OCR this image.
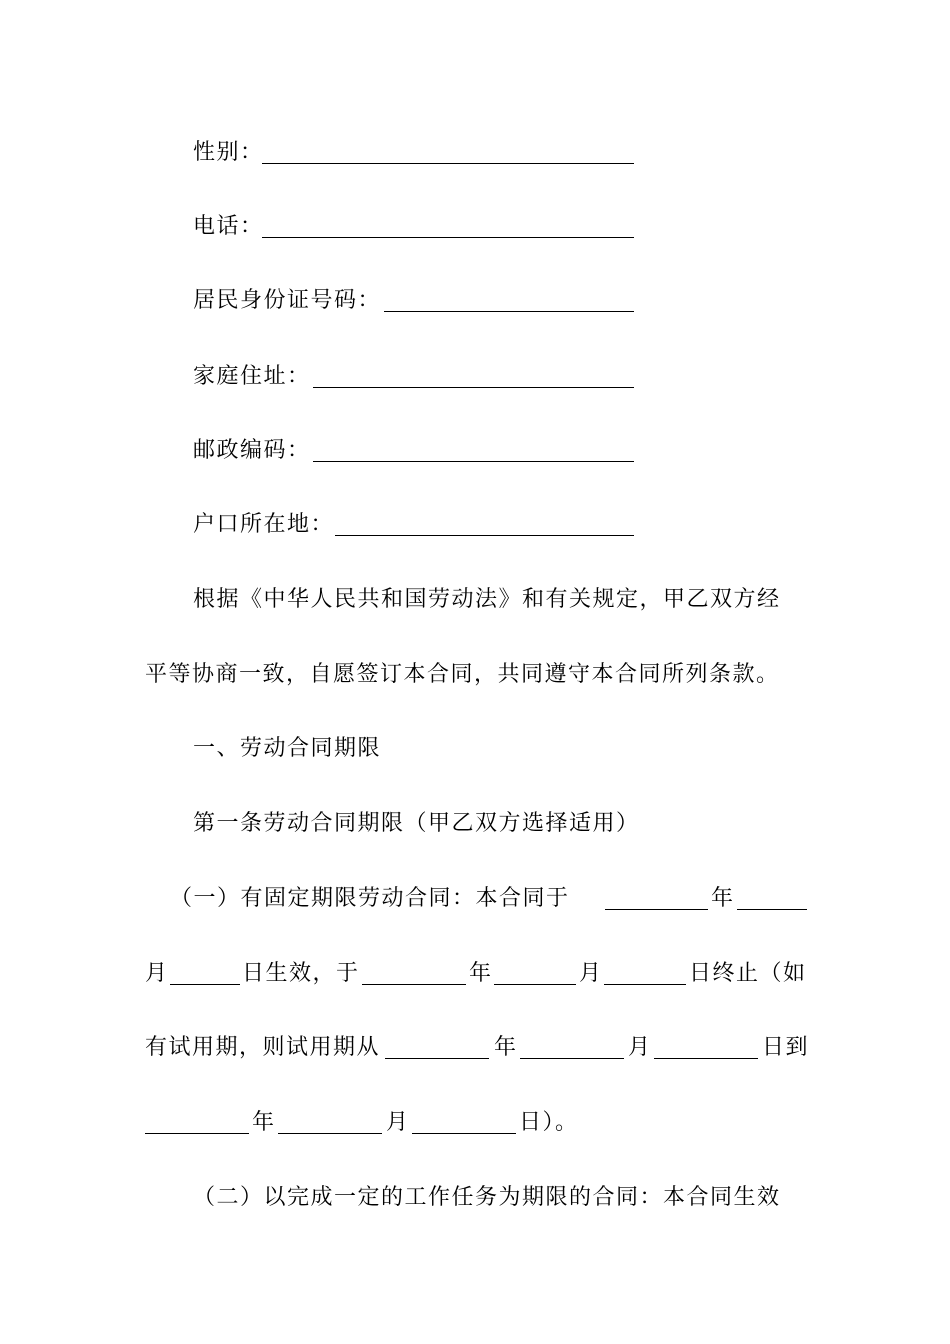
性别：
电话：
居民身份证号码：
家庭住址：
邮政编码：
户口所在地：
根据《中华人民共和国劳动法》和有关规定，甲乙双方经
平等协商一致，自愿签订本合同，共同遵守本合同所列条款。
一、劳动合同期限
第一条劳动合同期限（甲乙双方选择适用）
（一）有固定期限劳动合同：本合同于	年
月	日生效，于	年	月	日终止（如
有试用期，则试用期从	年	月	日到
年	月	日）。
（二）以完成一定的工作任务为期限的合同：本合同生效
